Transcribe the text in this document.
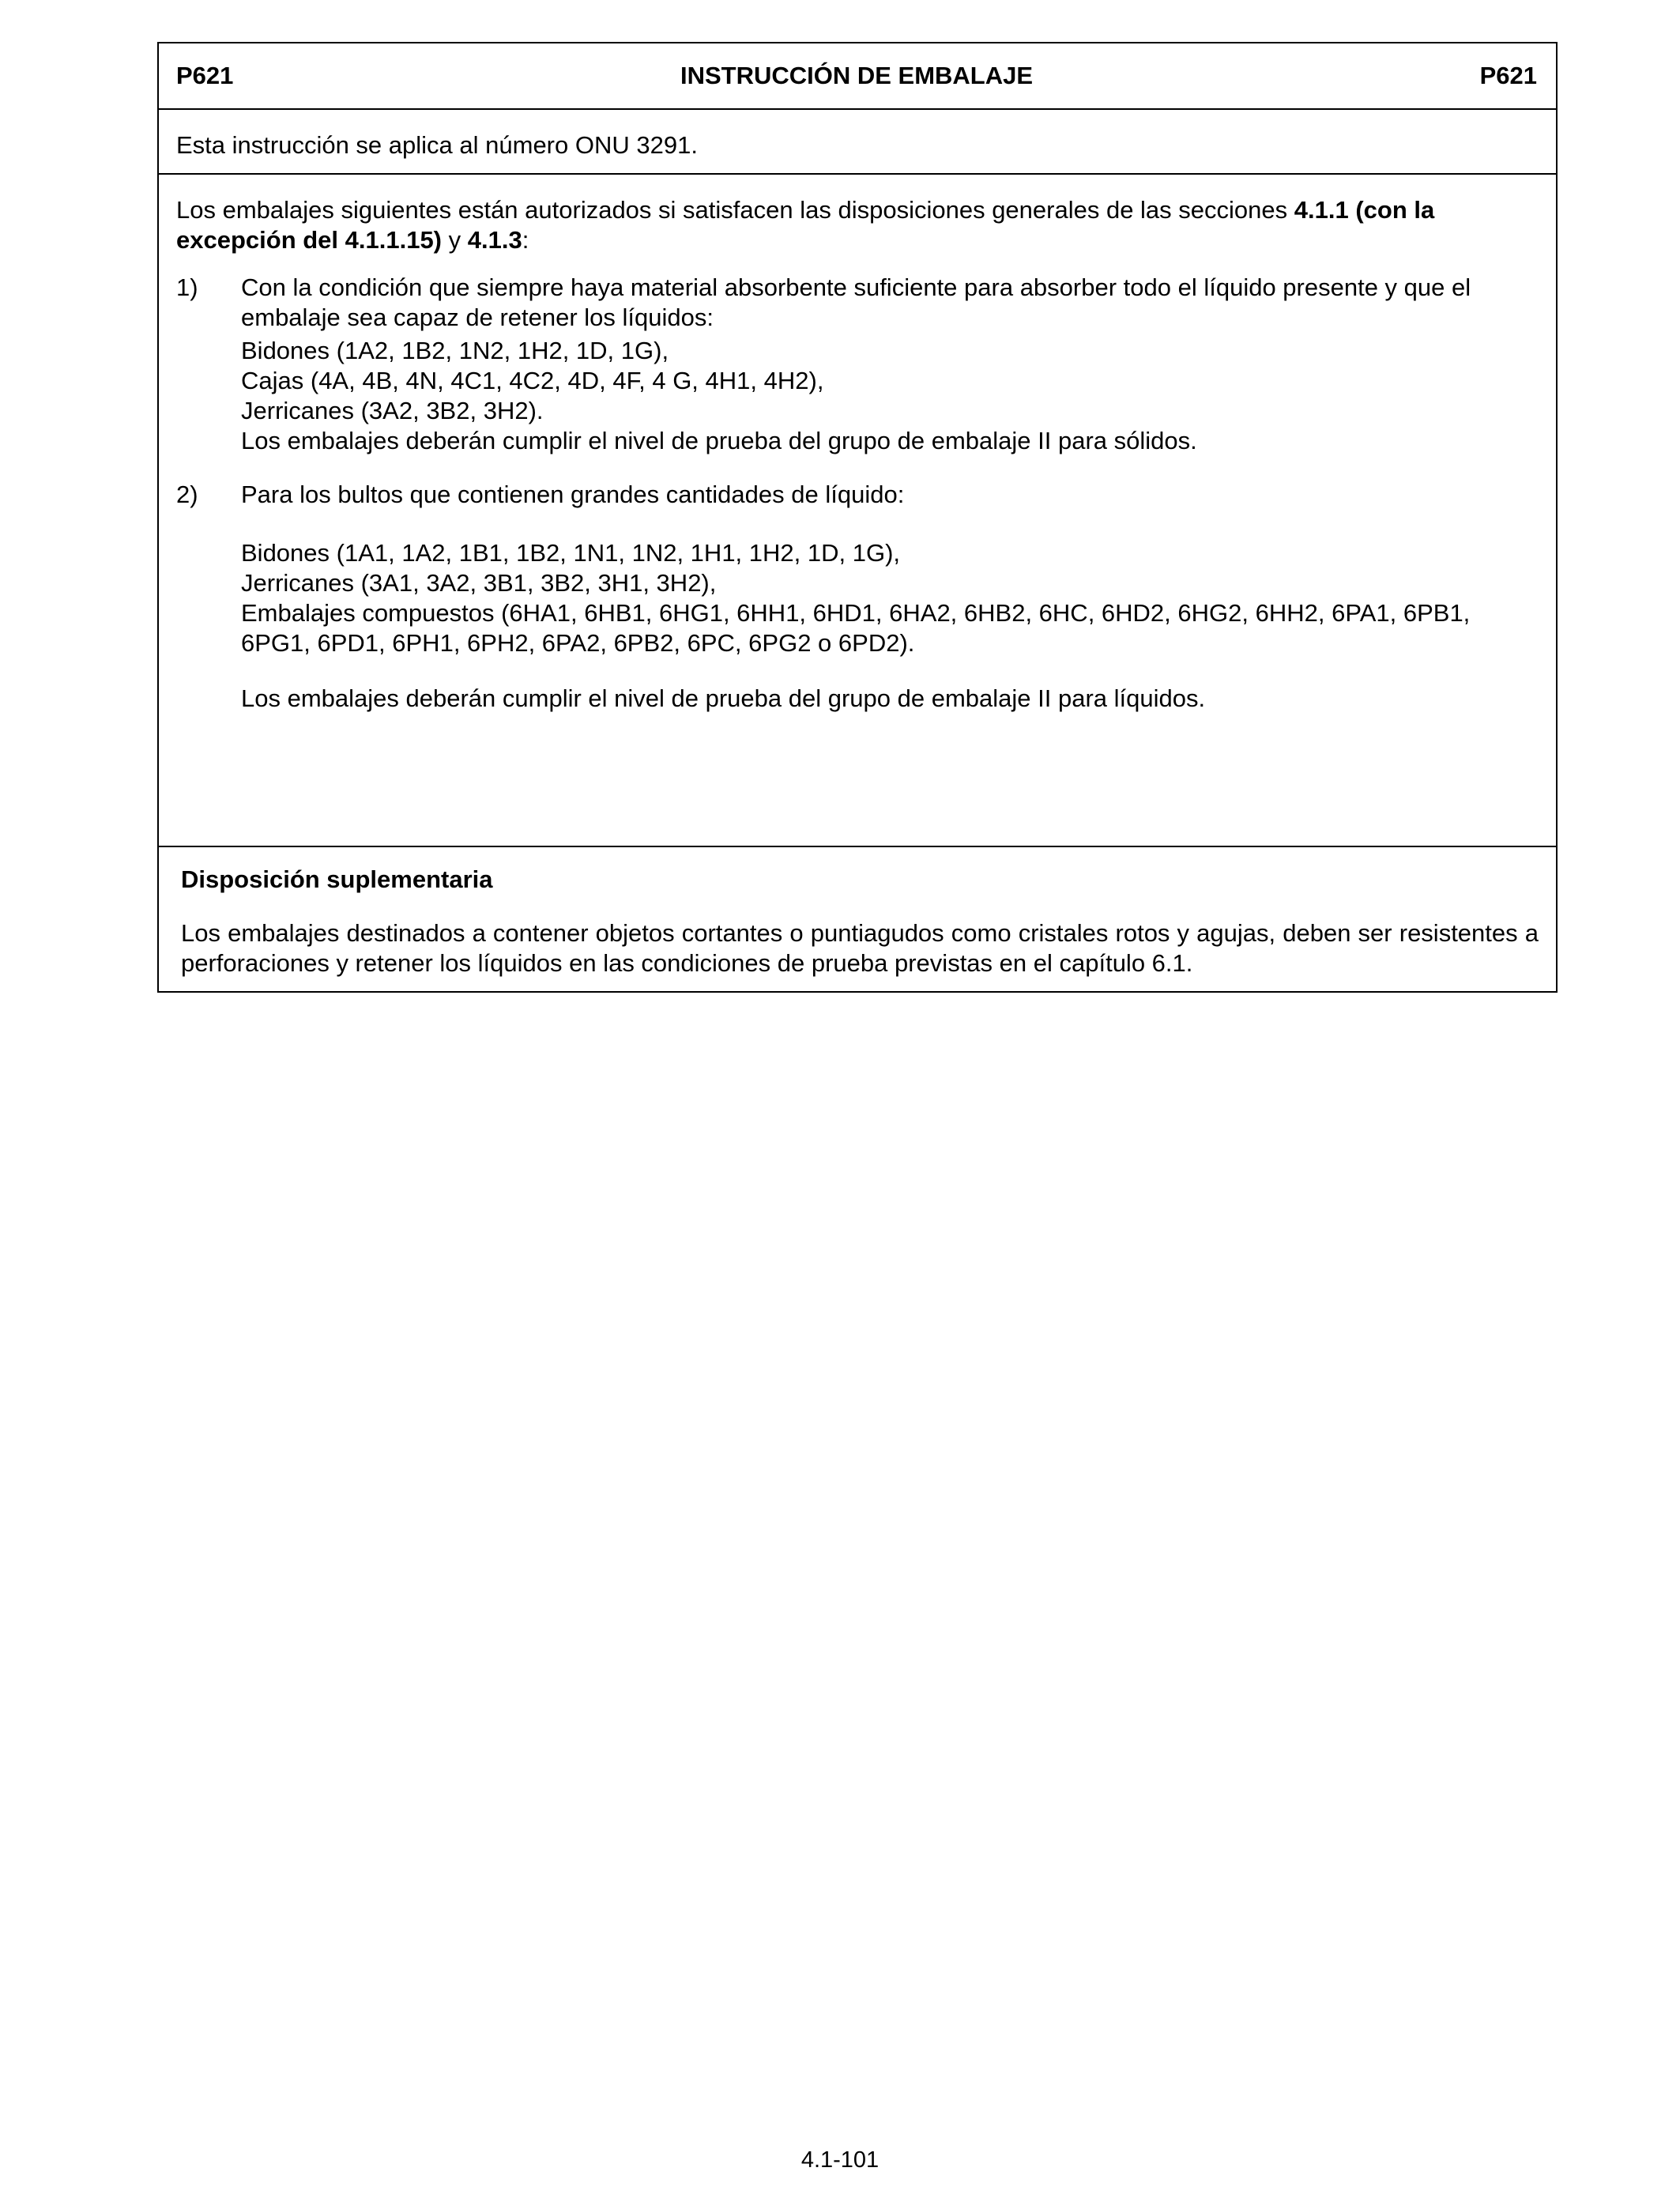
P621	INSTRUCCIÓN DE EMBALAJE	P621
Esta instrucción se aplica al número ONU 3291.

Los embalajes siguientes están autorizados si satisfacen las disposiciones generales de las secciones 4.1.1 (con la excepción del 4.1.1.15) y 4.1.3:

1)	Con la condición que siempre haya material absorbente suficiente para absorber todo el líquido presente y que el embalaje sea capaz de retener los líquidos:

Bidones (1A2, 1B2, 1N2, 1H2, 1D, 1G),
Cajas (4A, 4B, 4N, 4C1, 4C2, 4D, 4F, 4 G, 4H1, 4H2),
Jerricanes (3A2, 3B2, 3H2).
Los embalajes deberán cumplir el nivel de prueba del grupo de embalaje II para sólidos.
2)	Para los bultos que contienen grandes cantidades de líquido:

Bidones (1A1, 1A2, 1B1, 1B2, 1N1, 1N2, 1H1, 1H2, 1D, 1G),
Jerricanes (3A1, 3A2, 3B1, 3B2, 3H1, 3H2),
Embalajes compuestos (6HA1, 6HB1, 6HG1, 6HH1, 6HD1, 6HA2, 6HB2, 6HC, 6HD2, 6HG2, 6HH2, 6PA1, 6PB1, 6PG1, 6PD1, 6PH1, 6PH2, 6PA2, 6PB2, 6PC, 6PG2 o 6PD2).
Los embalajes deberán cumplir el nivel de prueba del grupo de embalaje II para líquidos.
Disposición suplementaria
Los embalajes destinados a contener objetos cortantes o puntiagudos como cristales rotos y agujas, deben ser resistentes a perforaciones y retener los líquidos en las condiciones de prueba previstas en el capítulo 6.1.
4.1-101
